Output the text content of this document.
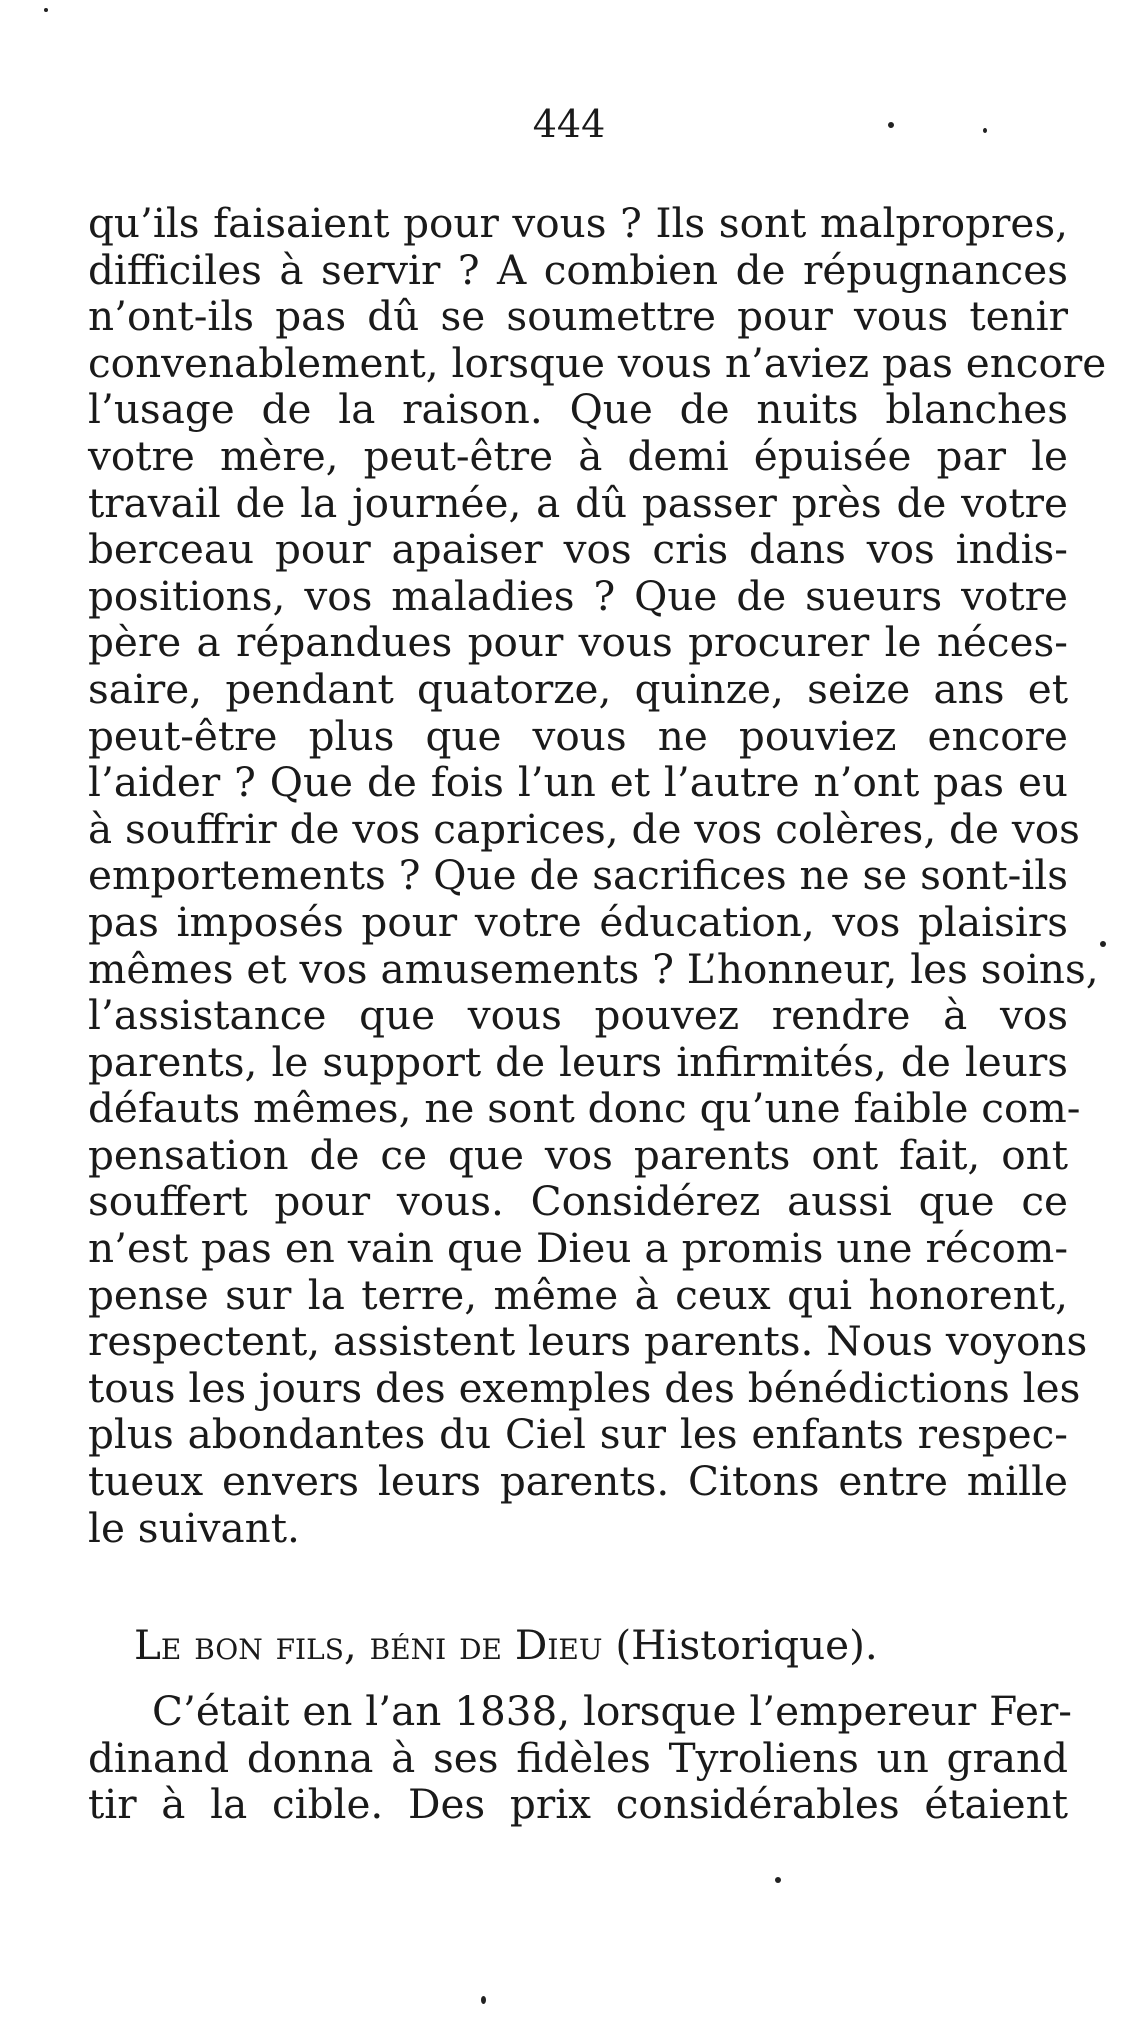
444
qu’ils faisaient pour vous ? Ils sont malpropres,
difficiles à servir ? A combien de répugnances
n’ont-ils pas dû se soumettre pour vous tenir
convenablement, lorsque vous n’aviez pas encore
l’usage de la raison. Que de nuits blanches
votre mère, peut-être à demi épuisée par le
travail de la journée, a dû passer près de votre
berceau pour apaiser vos cris dans vos indis-
positions, vos maladies ? Que de sueurs votre
père a répandues pour vous procurer le néces-
saire, pendant quatorze, quinze, seize ans et
peut-être plus que vous ne pouviez encore
l’aider ? Que de fois l’un et l’autre n’ont pas eu
à souffrir de vos caprices, de vos colères, de vos
emportements ? Que de sacrifices ne se sont-ils
pas imposés pour votre éducation, vos plaisirs
mêmes et vos amusements ? L’honneur, les soins,
l’assistance que vous pouvez rendre à vos
parents, le support de leurs infirmités, de leurs
défauts mêmes, ne sont donc qu’une faible com-
pensation de ce que vos parents ont fait, ont
souffert pour vous. Considérez aussi que ce
n’est pas en vain que Dieu a promis une récom-
pense sur la terre, même à ceux qui honorent,
respectent, assistent leurs parents. Nous voyons
tous les jours des exemples des bénédictions les
plus abondantes du Ciel sur les enfants respec-
tueux envers leurs parents. Citons entre mille
le suivant.
Le bon fils, béni de Dieu (Historique).
C’était en l’an 1838, lorsque l’empereur Fer-
dinand donna à ses fidèles Tyroliens un grand
tir à la cible. Des prix considérables étaient
